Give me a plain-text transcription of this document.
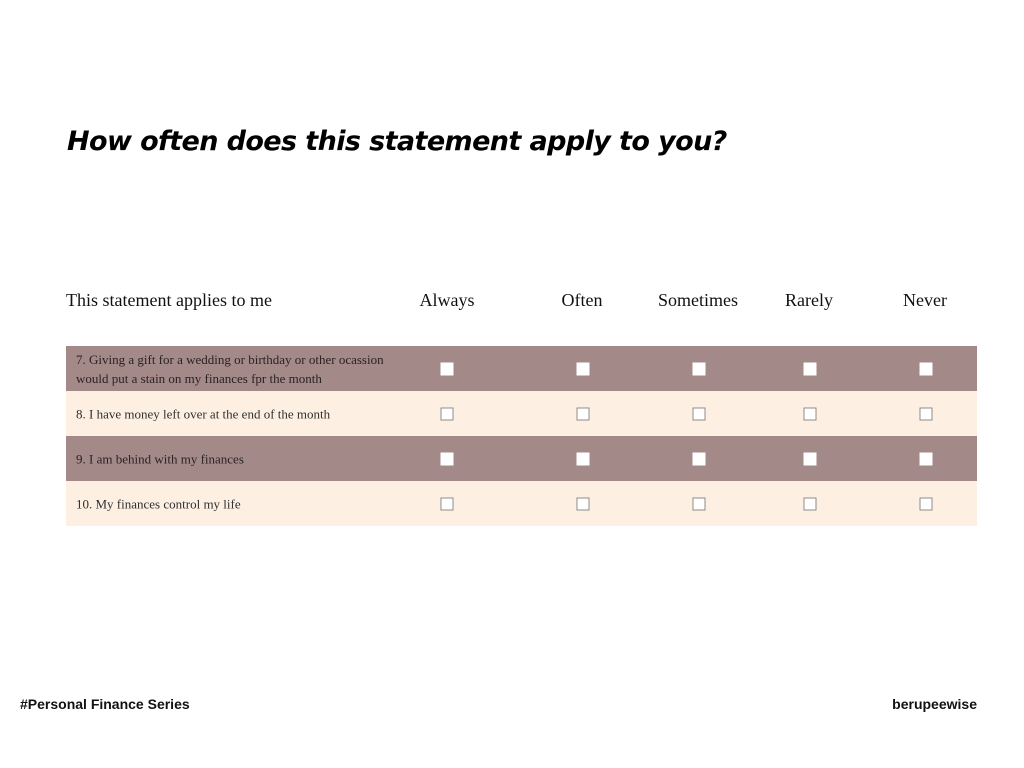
How often does this statement apply to you?
This statement applies to me	Always	Often	Sometimes	Rarely	Never
7. Giving a gift for a wedding or birthday or other ocassion would put a stain on my finances fpr the month
8. I have money left over at the end of the month
9. I am behind with my finances
10. My finances control my life
#Personal Finance Series	berupeewise
